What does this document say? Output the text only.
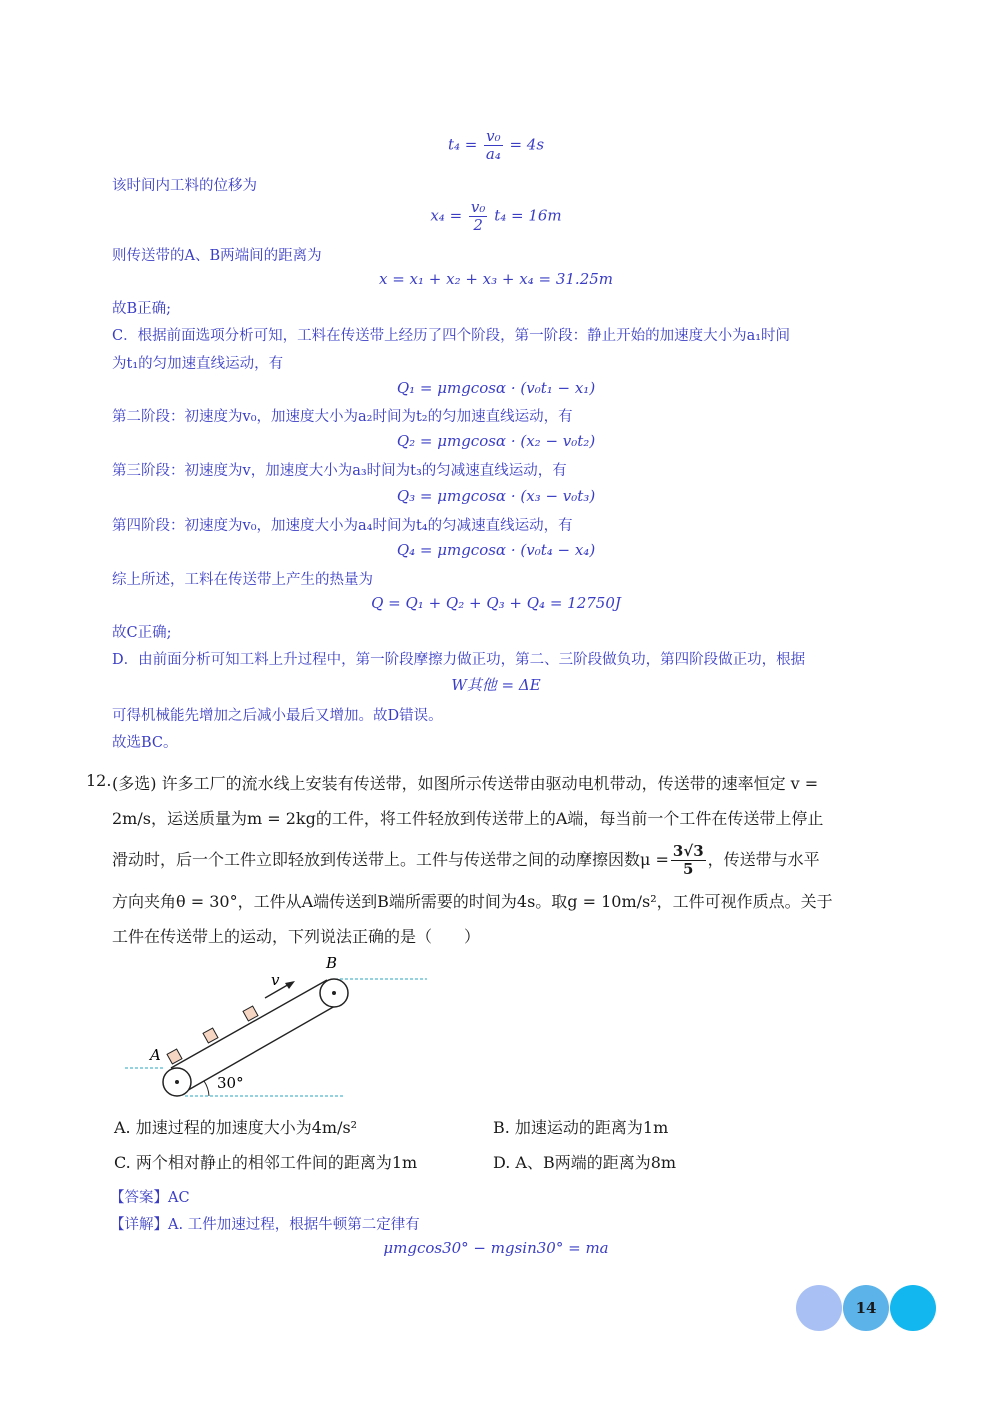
$t_4 = \frac{\text{v₀}}{\text{a₄}} = 4s$
该时间内工料的位移为
$x_4 = \frac{\text{v₀}}{2} t_4 = 16m$
则传送带的A、B两端间的距离为
x = x₁ + x₂ + x₃ + x₄ = 31.25m
故B正确;
C．根据前面选项分析可知，工料在传送带上经历了四个阶段，第一阶段：静止开始的加速度大小为a₁时间
为t₁的匀加速直线运动，有
Q₁ = μmgcosα · (v₀t₁ − x₁)
第二阶段：初速度为v₀，加速度大小为a₂时间为t₂的匀加速直线运动，有
Q₂ = μmgcosα · (x₂ − v₀t₂)
第三阶段：初速度为v，加速度大小为a₃时间为t₃的匀减速直线运动，有
Q₃ = μmgcosα · (x₃ − v₀t₃)
第四阶段：初速度为v₀，加速度大小为a₄时间为t₄的匀减速直线运动，有
Q₄ = μmgcosα · (v₀t₄ − x₄)
综上所述，工料在传送带上产生的热量为
Q = Q₁ + Q₂ + Q₃ + Q₄ = 12750J
故C正确;
D．由前面分析可知工料上升过程中，第一阶段摩擦力做正功，第二、三阶段做负功，第四阶段做正功，根据
W其他 = ΔE
可得机械能先增加之后减小最后又增加。故D错误。
故选BC。
12. (多选) 许多工厂的流水线上安装有传送带，如图所示传送带由驱动电机带动，传送带的速率恒定 v =
2m/s，运送质量为m = 2kg的工件，将工件轻放到传送带上的A端，每当前一个工件在传送带上停止
滑动时，后一个工件立即轻放到传送带上。工件与传送带之间的动摩擦因数$\mu = \frac{3√3}{5}$ ，传送带与水平
方向夹角θ = 30°，工件从A端传送到B端所需要的时间为4s。取g = 10m/s²，工件可视作质点。关于
工件在传送带上的运动，下列说法正确的是（　　）
v
B
A
30°
A. 加速过程的加速度大小为4m/s²	B. 加速运动的距离为1m
C. 两个相对静止的相邻工件间的距离为1m	D. A、B两端的距离为8m
【答案】AC
【详解】A. 工件加速过程，根据牛顿第二定律有
μmgcos30° − mgsin30° = ma
14
